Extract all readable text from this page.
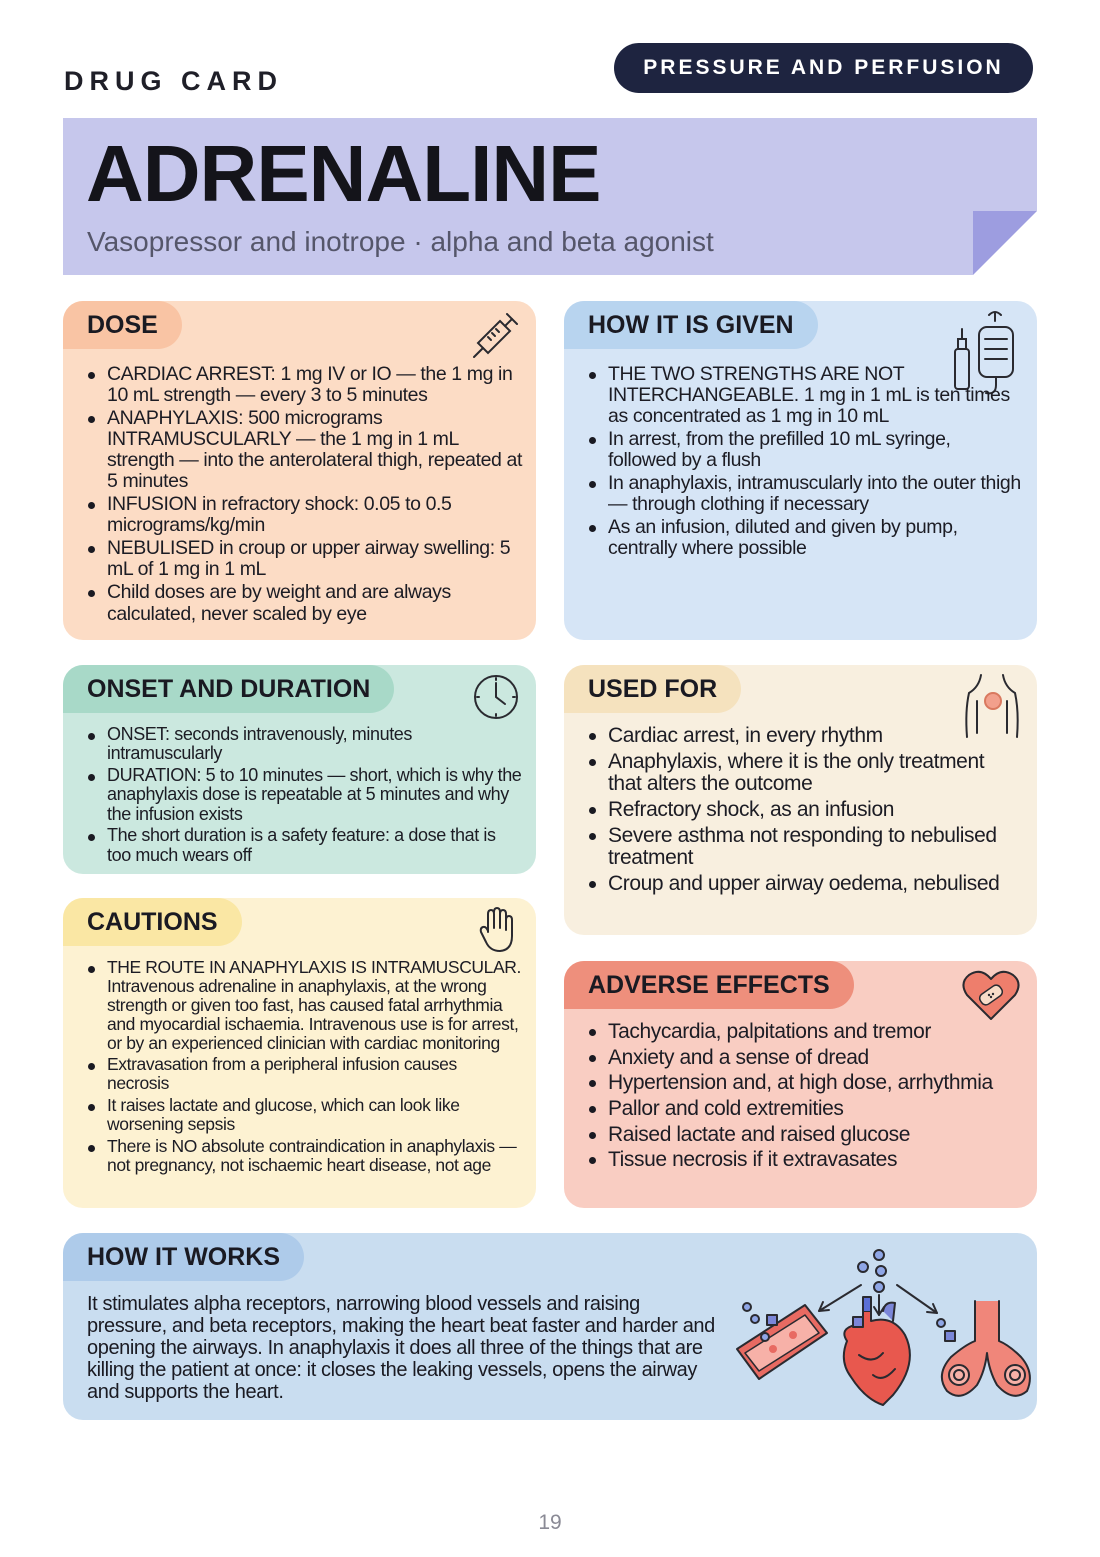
DRUG CARD	PRESSURE AND PERFUSION
ADRENALINE
Vasopressor and inotrope · alpha and beta agonist
DOSE
CARDIAC ARREST: 1 mg IV or IO — the 1 mg in 10 mL strength — every 3 to 5 minutes
ANAPHYLAXIS: 500 micrograms INTRAMUSCULARLY — the 1 mg in 1 mL strength — into the anterolateral thigh, repeated at 5 minutes
INFUSION in refractory shock: 0.05 to 0.5 micrograms/kg/min
NEBULISED in croup or upper airway swelling: 5 mL of 1 mg in 1 mL
Child doses are by weight and are always calculated, never scaled by eye
HOW IT IS GIVEN
THE TWO STRENGTHS ARE NOT INTERCHANGEABLE. 1 mg in 1 mL is ten times as concentrated as 1 mg in 10 mL
In arrest, from the prefilled 10 mL syringe, followed by a flush
In anaphylaxis, intramuscularly into the outer thigh — through clothing if necessary
As an infusion, diluted and given by pump, centrally where possible
ONSET AND DURATION
ONSET: seconds intravenously, minutes intramuscularly
DURATION: 5 to 10 minutes — short, which is why the anaphylaxis dose is repeatable at 5 minutes and why the infusion exists
The short duration is a safety feature: a dose that is too much wears off
USED FOR
Cardiac arrest, in every rhythm
Anaphylaxis, where it is the only treatment that alters the outcome
Refractory shock, as an infusion
Severe asthma not responding to nebulised treatment
Croup and upper airway oedema, nebulised
CAUTIONS
THE ROUTE IN ANAPHYLAXIS IS INTRAMUSCULAR. Intravenous adrenaline in anaphylaxis, at the wrong strength or given too fast, has caused fatal arrhythmia and myocardial ischaemia. Intravenous use is for arrest, or by an experienced clinician with cardiac monitoring
Extravasation from a peripheral infusion causes necrosis
It raises lactate and glucose, which can look like worsening sepsis
There is NO absolute contraindication in anaphylaxis — not pregnancy, not ischaemic heart disease, not age
ADVERSE EFFECTS
Tachycardia, palpitations and tremor
Anxiety and a sense of dread
Hypertension and, at high dose, arrhythmia
Pallor and cold extremities
Raised lactate and raised glucose
Tissue necrosis if it extravasates
HOW IT WORKS

It stimulates alpha receptors, narrowing blood vessels and raising pressure, and beta receptors, making the heart beat faster and harder and opening the airways. In anaphylaxis it does all three of the things that are killing the patient at once: it closes the leaking vessels, opens the airway and supports the heart.

19
